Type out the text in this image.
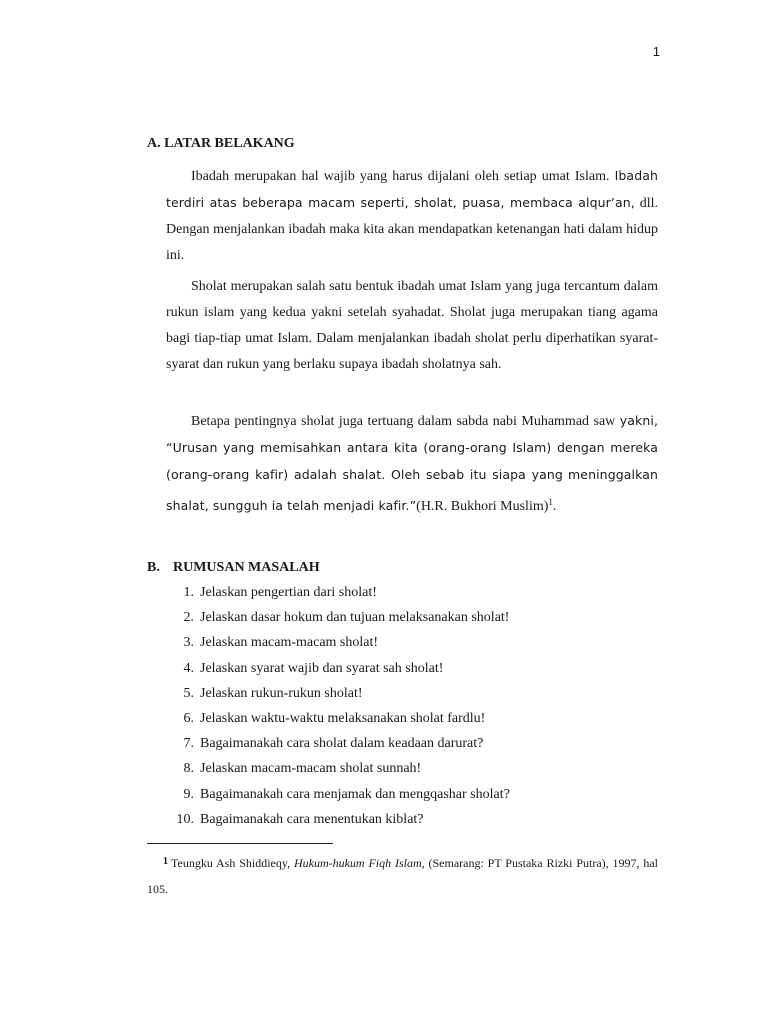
1
A. LATAR BELAKANG

Ibadah merupakan hal wajib yang harus dijalani oleh setiap umat Islam. Ibadah terdiri atas beberapa macam seperti, sholat, puasa, membaca alqur’an, dll. Dengan menjalankan ibadah maka kita akan mendapatkan ketenangan hati dalam hidup ini.

Sholat merupakan salah satu bentuk ibadah umat Islam yang juga tercantum dalam rukun islam yang kedua yakni setelah syahadat. Sholat juga merupakan tiang agama bagi tiap-tiap umat Islam. Dalam menjalankan ibadah sholat perlu diperhatikan syarat-syarat dan rukun yang berlaku supaya ibadah sholatnya sah.

Betapa pentingnya sholat juga tertuang dalam sabda nabi Muhammad saw yakni, “Urusan yang memisahkan antara kita (orang-orang Islam) dengan mereka (orang-orang kafir) adalah shalat. Oleh sebab itu siapa yang meninggalkan shalat, sungguh ia telah menjadi kafir.”(H.R. Bukhori Muslim)$^1$.

B. RUMUSAN MASALAH
1. Jelaskan pengertian dari sholat!
2. Jelaskan dasar hokum dan tujuan melaksanakan sholat!
3. Jelaskan macam-macam sholat!
4. Jelaskan syarat wajib dan syarat sah sholat!
5. Jelaskan rukun-rukun sholat!
6. Jelaskan waktu-waktu melaksanakan sholat fardlu!
7. Bagaimanakah cara sholat dalam keadaan darurat?
8. Jelaskan macam-macam sholat sunnah!
9. Bagaimanakah cara menjamak dan mengqashar sholat?
10. Bagaimanakah cara menentukan kiblat?

$^1$ Teungku Ash Shiddieqy, Hukum-hukum Fiqh Islam, (Semarang: PT Pustaka Rizki Putra), 1997, hal 105.
